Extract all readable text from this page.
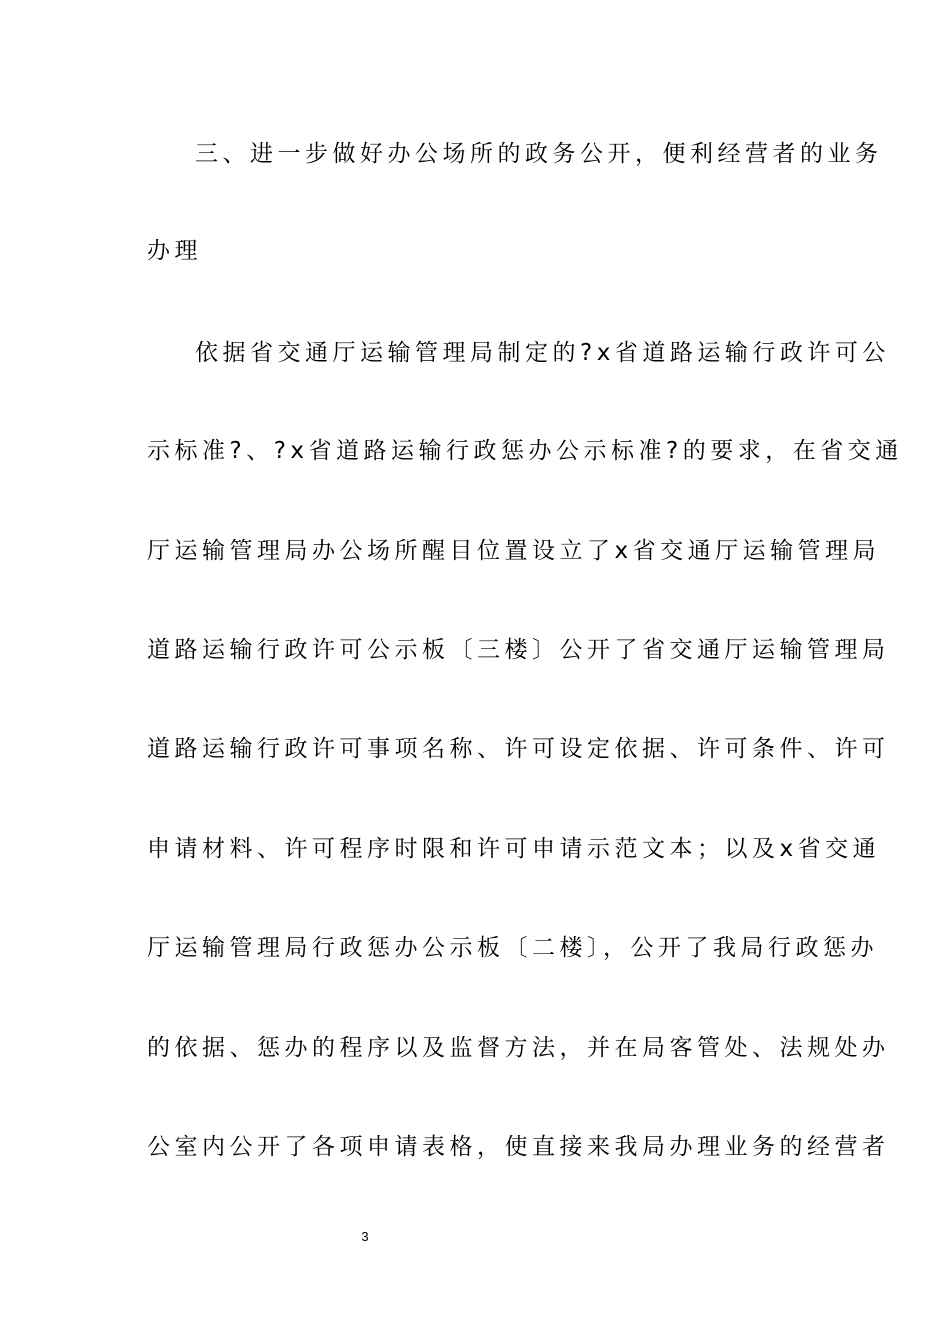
三、进一步做好办公场所的政务公开，便利经营者的业务
办理
依据省交通厅运输管理局制定的?x省道路运输行政许可公
示标准?、?x省道路运输行政惩办公示标准?的要求，在省交通
厅运输管理局办公场所醒目位置设立了x省交通厅运输管理局
道路运输行政许可公示板〔三楼〕公开了省交通厅运输管理局
道路运输行政许可事项名称、许可设定依据、许可条件、许可
申请材料、许可程序时限和许可申请示范文本；以及x省交通
厅运输管理局行政惩办公示板〔二楼〕，公开了我局行政惩办
的依据、惩办的程序以及监督方法，并在局客管处、法规处办
公室内公开了各项申请表格，使直接来我局办理业务的经营者
3
